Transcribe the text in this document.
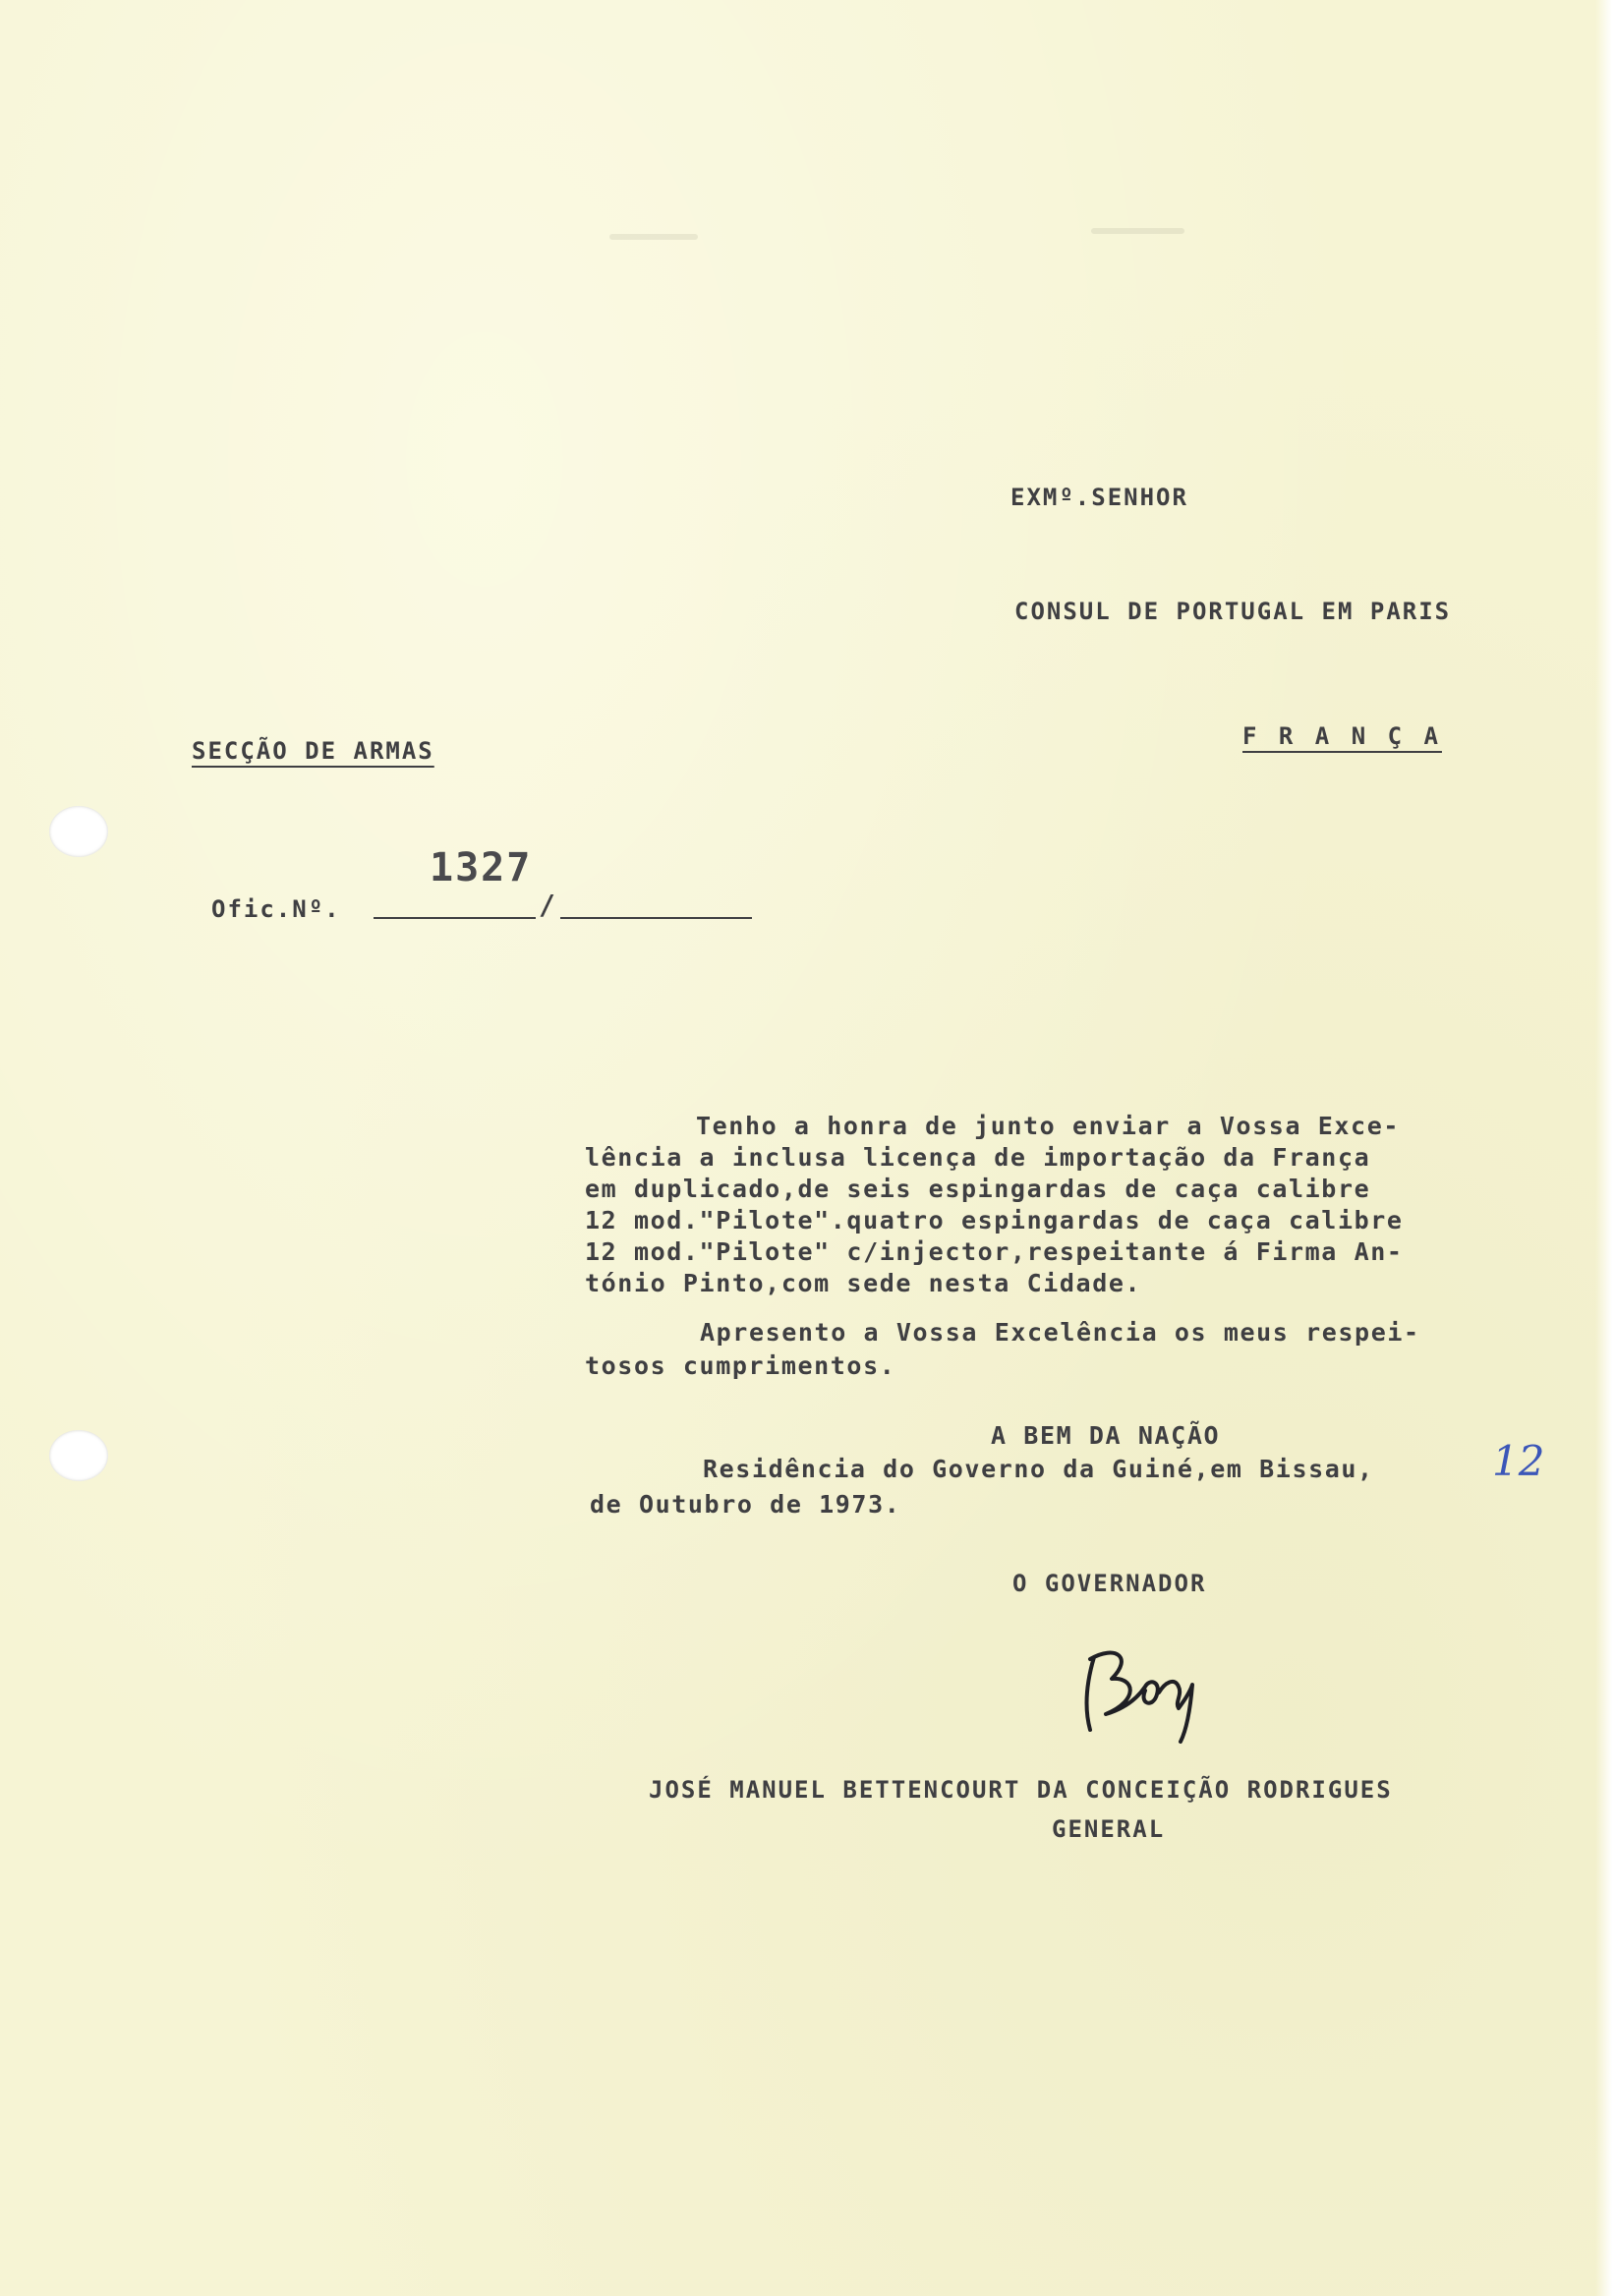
EXMº.SENHOR
CONSUL DE PORTUGAL EM PARIS
F R A N Ç A
SECÇÃO DE ARMAS
Ofic.Nº.
1327
/
Tenho a honra de junto enviar a Vossa Exce-
lência a inclusa licença de importação da França
em duplicado,de seis espingardas de caça calibre
12 mod."Pilote".quatro espingardas de caça calibre
12 mod."Pilote" c/injector,respeitante á Firma An-
tónio Pinto,com sede nesta Cidade.
Apresento a Vossa Excelência os meus respei-
tosos cumprimentos.
A BEM DA NAÇÃO
Residência do Governo da Guiné,em Bissau,	12
de Outubro de 1973.
O GOVERNADOR
JOSÉ MANUEL BETTENCOURT DA CONCEIÇÃO RODRIGUES
GENERAL
